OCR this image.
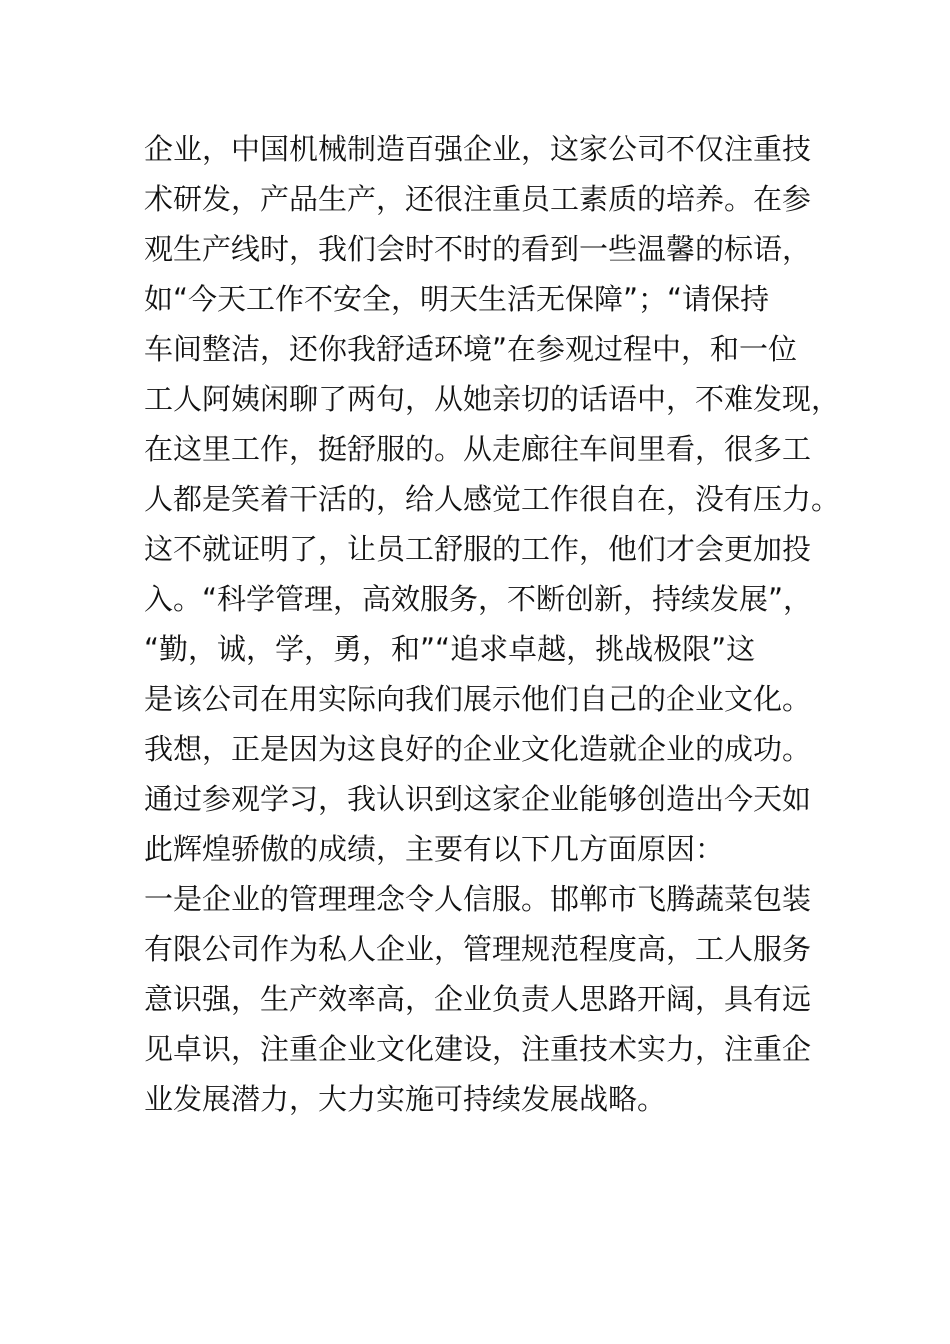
企业，中国机械制造百强企业，这家公司不仅注重技
术研发，产品生产，还很注重员工素质的培养。在参
观生产线时，我们会时不时的看到一些温馨的标语，
如“今天工作不安全，明天生活无保障”；“请保持
车间整洁，还你我舒适环境”在参观过程中，和一位
工人阿姨闲聊了两句，从她亲切的话语中，不难发现，
在这里工作，挺舒服的。从走廊往车间里看，很多工
人都是笑着干活的，给人感觉工作很自在，没有压力。
这不就证明了，让员工舒服的工作，他们才会更加投
入。“科学管理，高效服务，不断创新，持续发展”，
“勤，诚，学，勇，和”“追求卓越，挑战极限”这
是该公司在用实际向我们展示他们自己的企业文化。
我想，正是因为这良好的企业文化造就企业的成功。
通过参观学习，我认识到这家企业能够创造出今天如
此辉煌骄傲的成绩，主要有以下几方面原因：
一是企业的管理理念令人信服。邯郸市飞腾蔬菜包装
有限公司作为私人企业，管理规范程度高，工人服务
意识强，生产效率高，企业负责人思路开阔，具有远
见卓识，注重企业文化建设，注重技术实力，注重企
业发展潜力，大力实施可持续发展战略。
